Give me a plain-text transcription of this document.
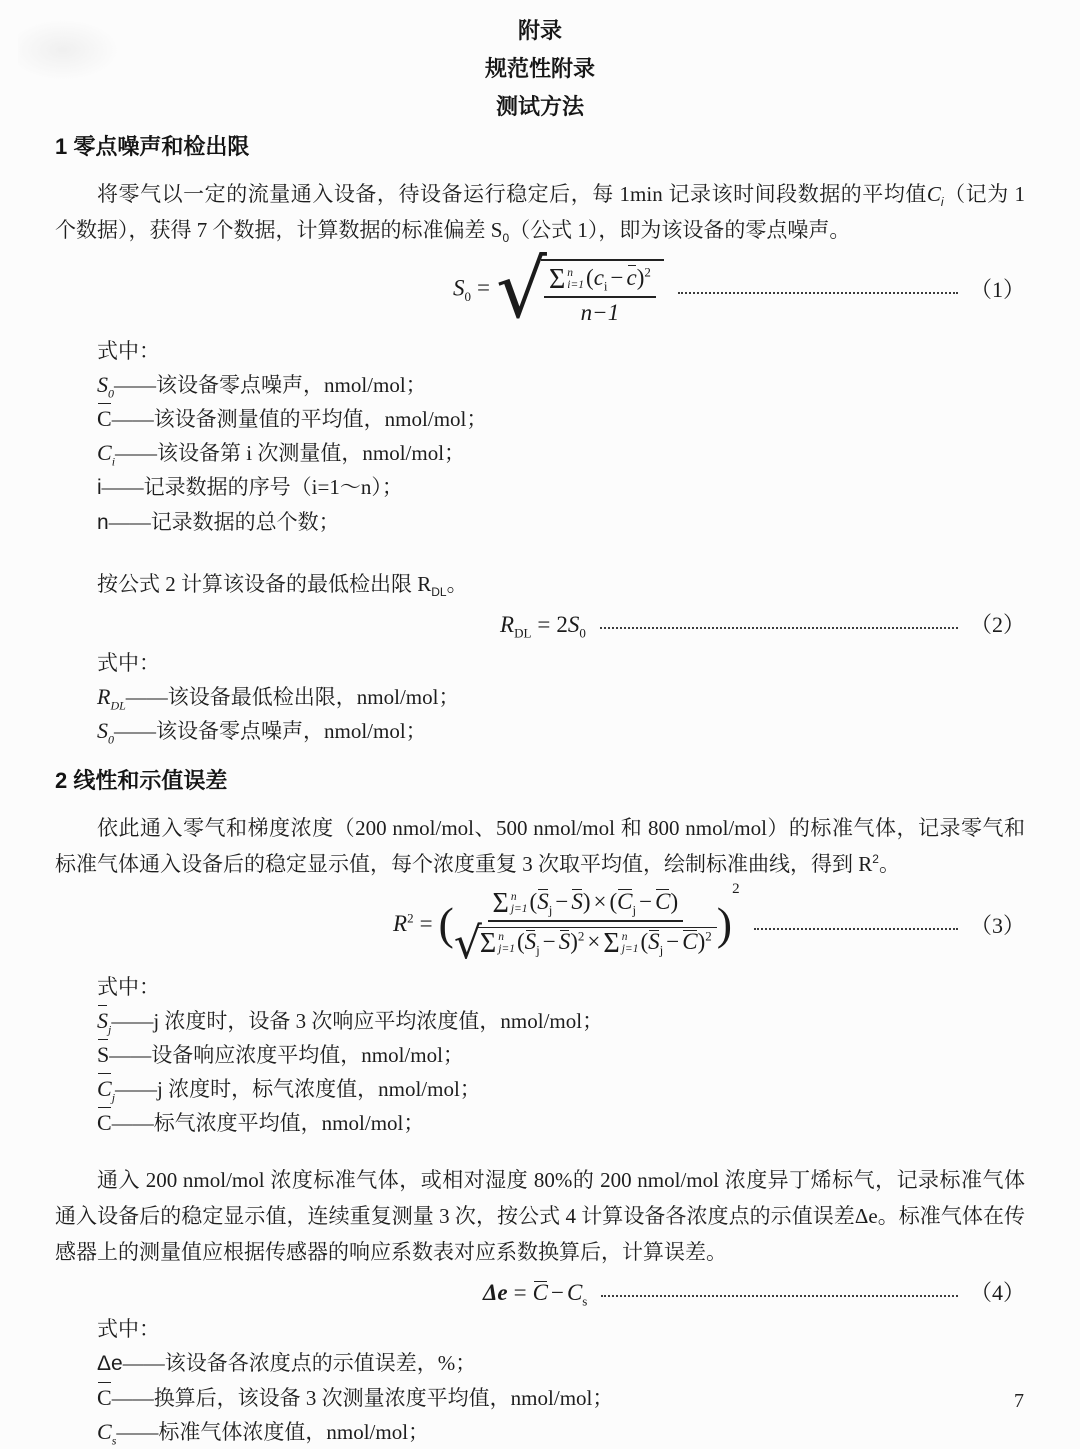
附录
规范性附录
测试方法
1 零点噪声和检出限

将零气以一定的流量通入设备，待设备运行稳定后，每 1min 记录该时间段数据的平均值$C_i$（记为 1 个数据），获得 7 个数据，计算数据的标准偏差 $S_0$（公式 1），即为该设备的零点噪声。

$S_0$ = √
Σ n
i=1 $(c_i - c)^2$
n−1	（1）
式中：
$S_0——$该设备零点噪声，nmol/mol；
C——该设备测量值的平均值，nmol/mol；
$C_i——$该设备第 i 次测量值，nmol/mol；
i——记录数据的序号（i=1～n）；
n——记录数据的总个数；

按公式 2 计算该设备的最低检出限 $R_{DL}$。

$R_{DL} = 2S_0$	（2）
式中：
$R_{DL}——$该设备最低检出限，nmol/mol；
$S_0——$该设备零点噪声，nmol/mol；
2 线性和示值误差

依此通入零气和梯度浓度（200 nmol/mol、500 nmol/mol 和 800 nmol/mol）的标准气体，记录零气和标准气体通入设备后的稳定显示值，每个浓度重复 3 次取平均值，绘制标准曲线，得到 $R^2$。

$R^2$ = ( Σ n
j=1 $(S_j - S) \times (C_j - C)$
√
Σ n
j=1 $(S_j - S)^2 \times \Sigma$ n
j=1 $(S_j - C)^2$ )$^2$
（3）
式中：
$S_j——j$ 浓度时，设备 3 次响应平均浓度值，nmol/mol；
S——设备响应浓度平均值，nmol/mol；
$C_j——j$ 浓度时，标气浓度值，nmol/mol；
C——标气浓度平均值，nmol/mol；

通入 200 nmol/mol 浓度标准气体，或相对湿度 80%的 200 nmol/mol 浓度异丁烯标气，记录标准气体通入设备后的稳定显示值，连续重复测量 3 次，按公式 4 计算设备各浓度点的示值误差Δe。标准气体在传感器上的测量值应根据传感器的响应系数表对应系数换算后，计算误差。

$\Delta e = C - C_s$	（4）
式中：
Δe——该设备各浓度点的示值误差，%；
C——换算后，该设备 3 次测量浓度平均值，nmol/mol；
$C_s——$标准气体浓度值，nmol/mol；
7
